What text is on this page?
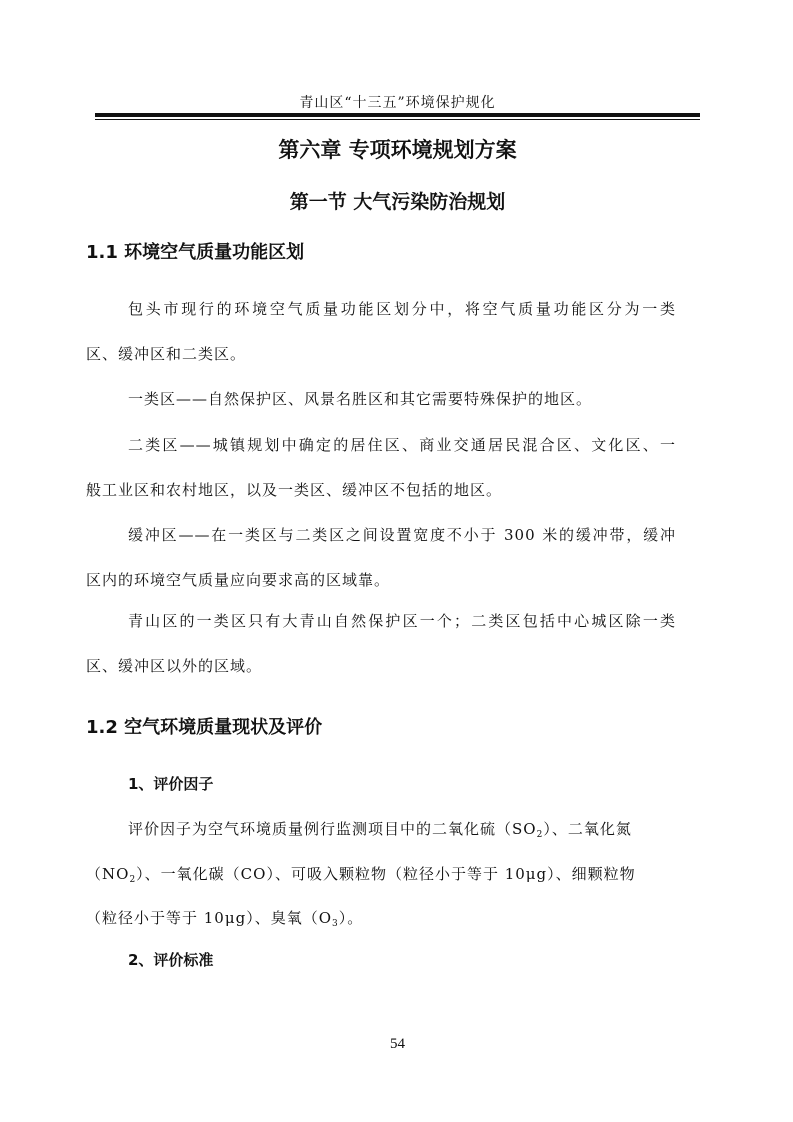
青山区“十三五”环境保护规化
第六章 专项环境规划方案
第一节 大气污染防治规划
1.1 环境空气质量功能区划
包头市现行的环境空气质量功能区划分中，将空气质量功能区分为一类
区、缓冲区和二类区。
一类区——自然保护区、风景名胜区和其它需要特殊保护的地区。
二类区——城镇规划中确定的居住区、商业交通居民混合区、文化区、一
般工业区和农村地区，以及一类区、缓冲区不包括的地区。
缓冲区——在一类区与二类区之间设置宽度不小于 300 米的缓冲带，缓冲
区内的环境空气质量应向要求高的区域靠。
青山区的一类区只有大青山自然保护区一个；二类区包括中心城区除一类
区、缓冲区以外的区域。
1.2 空气环境质量现状及评价
1、评价因子
评价因子为空气环境质量例行监测项目中的二氧化硫$(SO_2)$、二氧化氮
$(NO_2)$、一氧化碳（CO）、可吸入颗粒物（粒径小于等于 10μg）、细颗粒物
（粒径小于等于 10μg）、臭氧$(O_3)$。
2、评价标准
54
